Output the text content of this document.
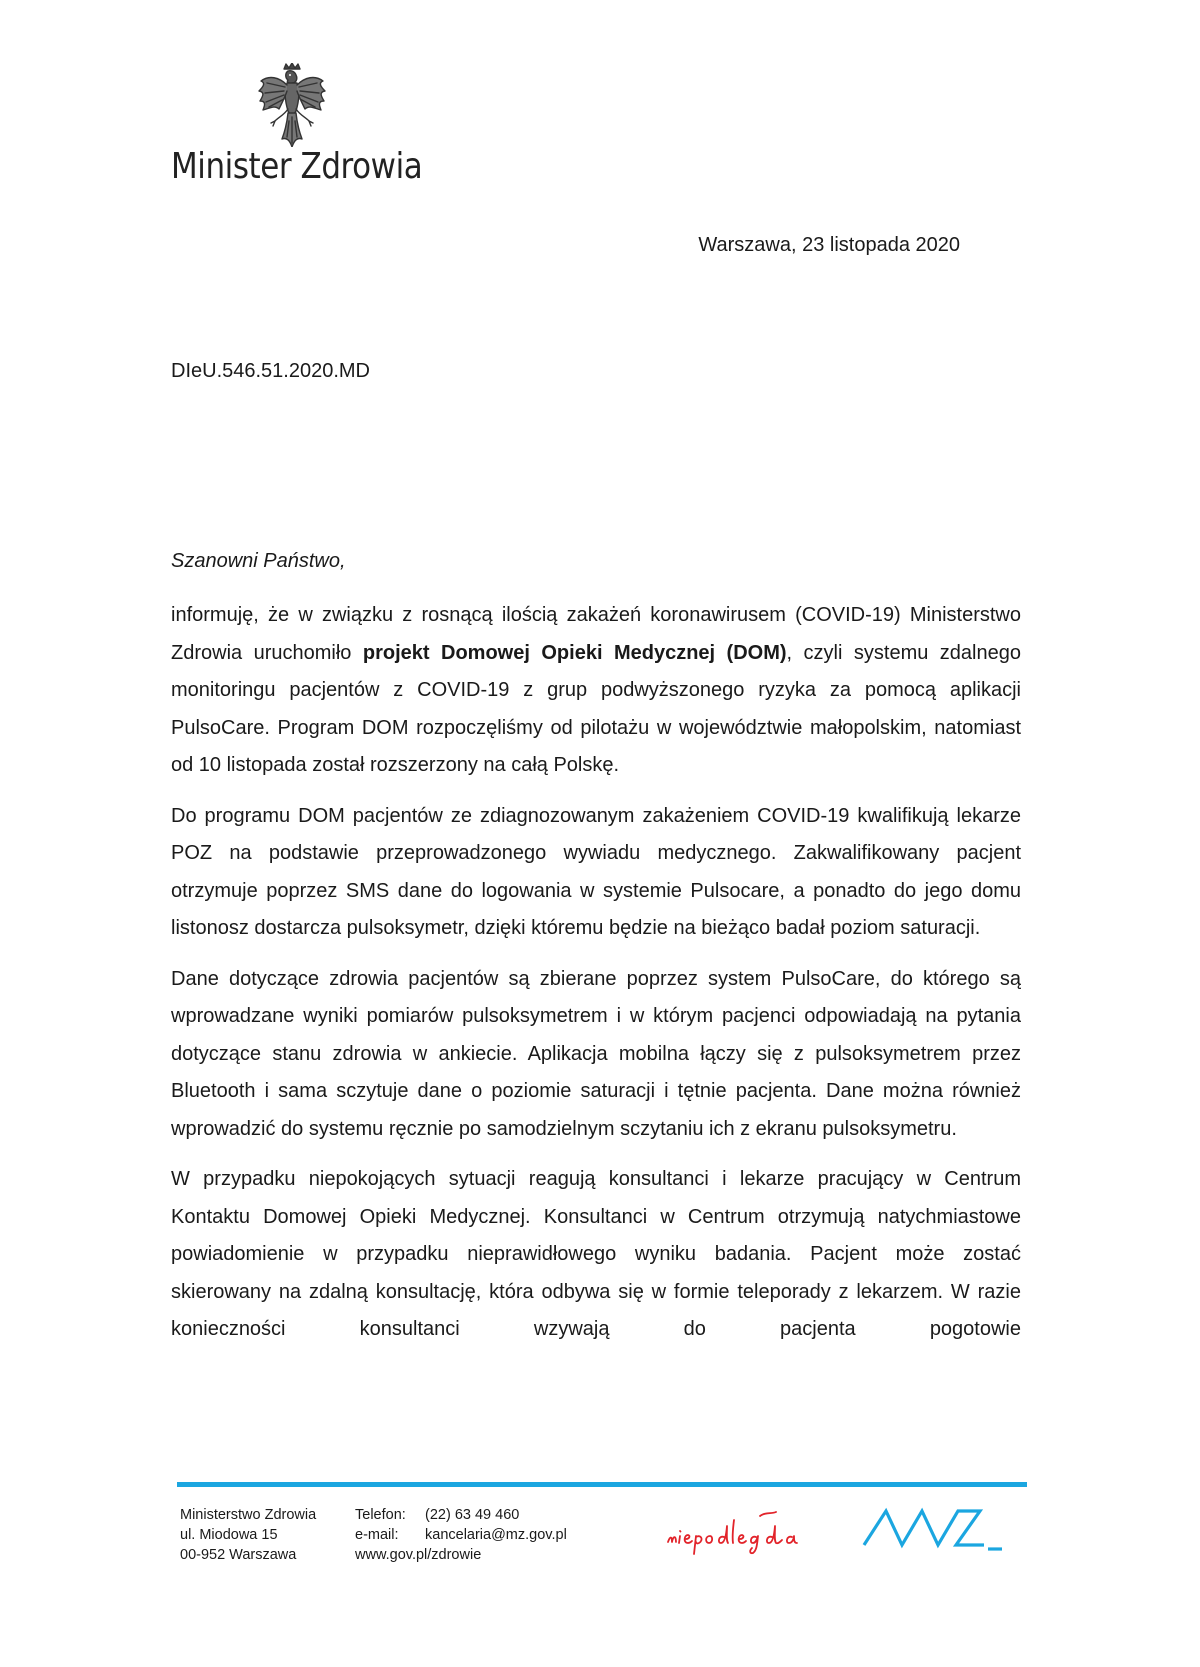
Minister Zdrowia
Warszawa, 23 listopada 2020
DIeU.546.51.2020.MD
Szanowni Państwo,

informuję, że w związku z rosnącą ilością zakażeń koronawirusem (COVID-19) Ministerstwo Zdrowia uruchomiło projekt Domowej Opieki Medycznej (DOM), czyli systemu zdalnego monitoringu pacjentów z COVID-19 z grup podwyższonego ryzyka za pomocą aplikacji PulsoCare. Program DOM rozpoczęliśmy od pilotażu w województwie małopolskim, natomiast od 10 listopada został rozszerzony na całą Polskę.

Do programu DOM pacjentów ze zdiagnozowanym zakażeniem COVID-19 kwalifikują lekarze POZ na podstawie przeprowadzonego wywiadu medycznego. Zakwalifikowany pacjent otrzymuje poprzez SMS dane do logowania w systemie Pulsocare, a ponadto do jego domu listonosz dostarcza pulsoksymetr, dzięki któremu będzie na bieżąco badał poziom saturacji.

Dane dotyczące zdrowia pacjentów są zbierane poprzez system PulsoCare, do którego są wprowadzane wyniki pomiarów pulsoksymetrem i w którym pacjenci odpowiadają na pytania dotyczące stanu zdrowia w ankiecie. Aplikacja mobilna łączy się z pulsoksymetrem przez Bluetooth i sama sczytuje dane o poziomie saturacji i tętnie pacjenta. Dane można również wprowadzić do systemu ręcznie po samodzielnym sczytaniu ich z ekranu pulsoksymetru.

W przypadku niepokojących sytuacji reagują konsultanci i lekarze pracujący w Centrum Kontaktu Domowej Opieki Medycznej. Konsultanci w Centrum otrzymują natychmiastowe powiadomienie w przypadku nieprawidłowego wyniku badania. Pacjent może zostać skierowany na zdalną konsultację, która odbywa się w formie teleporady z lekarzem. W razie konieczności konsultanci wzywają do pacjenta pogotowie

Ministerstwo Zdrowia
ul. Miodowa 15
00-952 Warszawa
Telefon: (22) 63 49 460
e-mail: kancelaria@mz.gov.pl
www.gov.pl/zdrowie
